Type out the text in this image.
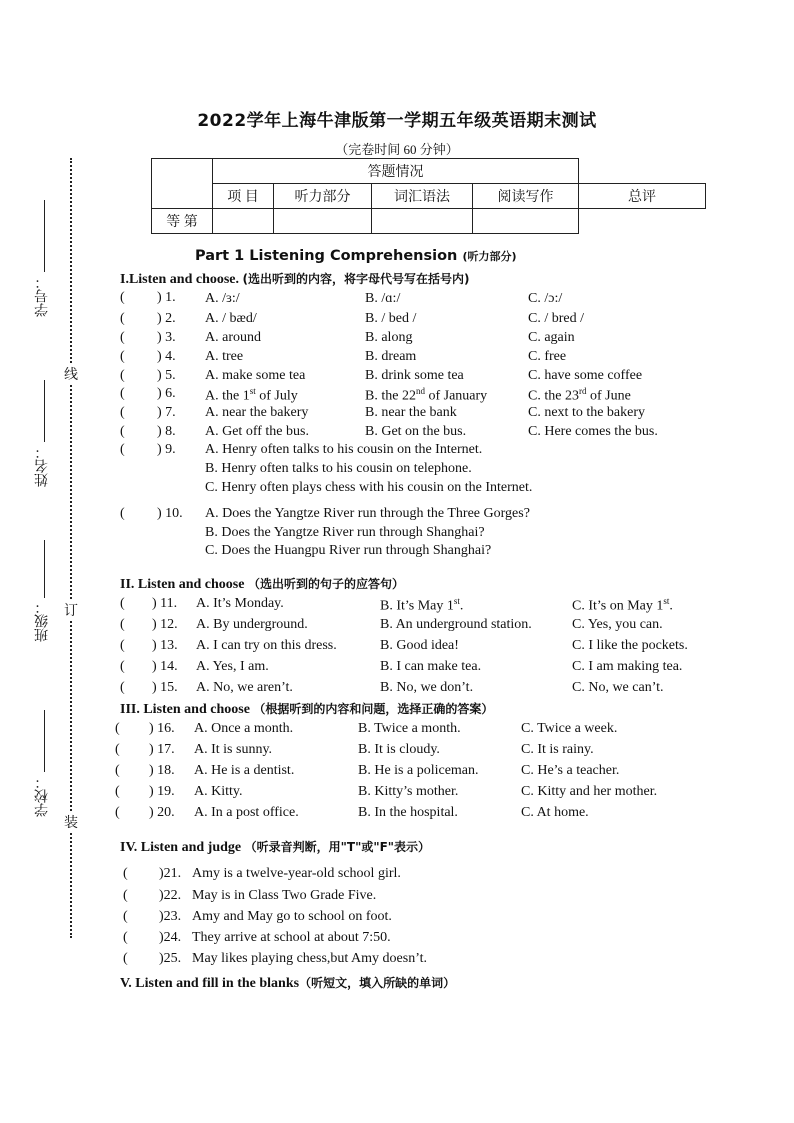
学号：
姓名：
班级：
学校：
线
订
装
2022学年上海牛津版第一学期五年级英语期末测试
（完卷时间 60 分钟）
	答题情况				
	项 目	听力部分	词汇语法	阅读写作	总评
等 第					
Part 1 Listening Comprehension (听力部分)
I.Listen and choose. (选出听到的内容，将字母代号写在括号内)
( ) 1. A. /ɜ:/	B. /ɑ:/	C. /ɔ:/
( ) 2. A. / bæd/	B. / bed /	C. / bred /
( ) 3. A. around	B. along	C. again
( ) 4. A. tree	B. dream	C. free
( ) 5. A. make some tea	B. drink some tea	C. have some coffee
( ) 6. A. the 1st of July	B. the 22nd of January	C. the 23rd of June
( ) 7. A. near the bakery	B. near the bank	C. next to the bakery
( ) 8. A. Get off the bus.	B. Get on the bus.	C. Here comes the bus.
( ) 9. A. Henry often talks to his cousin on the Internet.
B. Henry often talks to his cousin on telephone.
C. Henry often plays chess with his cousin on the Internet.
( ) 10. A. Does the Yangtze River run through the Three Gorges?
B. Does the Yangtze River run through Shanghai?
C. Does the Huangpu River run through Shanghai?
II. Listen and choose （选出听到的句子的应答句）
( ) 11. A. It’s Monday.	B. It’s May 1st.	C. It’s on May 1st.
( ) 12. A. By underground.	B. An underground station.	C. Yes, you can.
( ) 13. A. I can try on this dress.	B. Good idea!	C. I like the pockets.
( ) 14. A. Yes, I am.	B. I can make tea.	C. I am making tea.
( ) 15. A. No, we aren’t.	B. No, we don’t.	C. No, we can’t.
III. Listen and choose （根据听到的内容和问题，选择正确的答案）
( ) 16. A. Once a month.	B. Twice a month.	C. Twice a week.
( ) 17. A. It is sunny.	B. It is cloudy.	C. It is rainy.
( ) 18. A. He is a dentist.	B. He is a policeman.	C. He’s a teacher.
( ) 19. A. Kitty.	B. Kitty’s mother.	C. Kitty and her mother.
( ) 20. A. In a post office.	B. In the hospital.	C. At home.
IV. Listen and judge （听录音判断，用"T"或"F"表示）
( )21. Amy is a twelve-year-old school girl.
( )22. May is in Class Two Grade Five.
( )23. Amy and May go to school on foot.
( )24. They arrive at school at about 7:50.
( )25. May likes playing chess,but Amy doesn’t.
V. Listen and fill in the blanks（听短文，填入所缺的单词）
